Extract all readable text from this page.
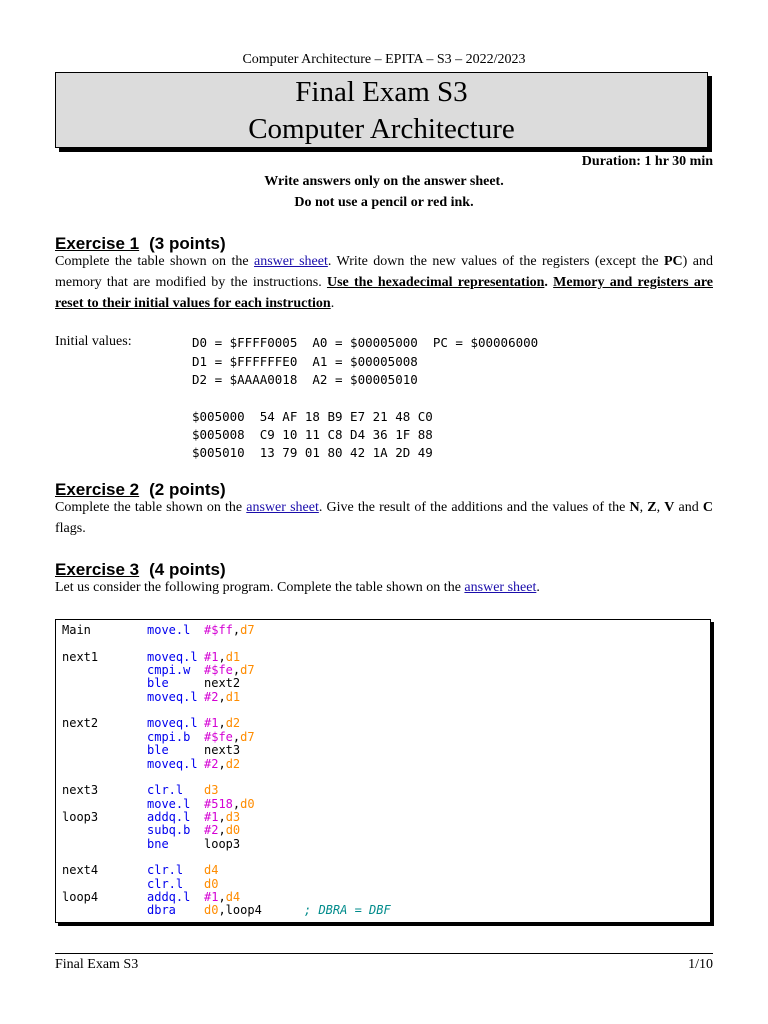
Computer Architecture – EPITA – S3 – 2022/2023
Final Exam S3
Computer Architecture
Duration: 1 hr 30 min
Write answers only on the answer sheet.
Do not use a pencil or red ink.
Exercise 1 (3 points)
Complete the table shown on the answer sheet. Write down the new values of the registers (except the PC) and memory that are modified by the instructions. Use the hexadecimal representation. Memory and registers are reset to their initial values for each instruction.
Initial values:	D0 = $FFFF0005  A0 = $00005000  PC = $00006000
D1 = $FFFFFFE0  A1 = $00005008
D2 = $AAAA0018  A2 = $00005010
$005000  54 AF 18 B9 E7 21 48 C0
$005008  C9 10 11 C8 D4 36 1F 88
$005010  13 79 01 80 42 1A 2D 49
Exercise 2 (2 points)
Complete the table shown on the answer sheet. Give the result of the additions and the values of the N, Z, V and C flags.
Exercise 3 (4 points)
Let us consider the following program. Complete the table shown on the answer sheet.
Main	move.l #$ff,d7
next1	moveq.l #1,d1
cmpi.w #$fe,d7
ble	next2
moveq.l #2,d1
next2	moveq.l #1,d2
cmpi.b #$fe,d7
ble	next3
moveq.l #2,d2
next3	clr.l d3
move.l #518,d0
loop3	addq.l #1,d3
subq.b #2,d0
bne	loop3
next4	clr.l d4
clr.l d0
loop4	addq.l #1,d4
dbra d0,loop4	; DBRA = DBF
Final Exam S3	1/10
